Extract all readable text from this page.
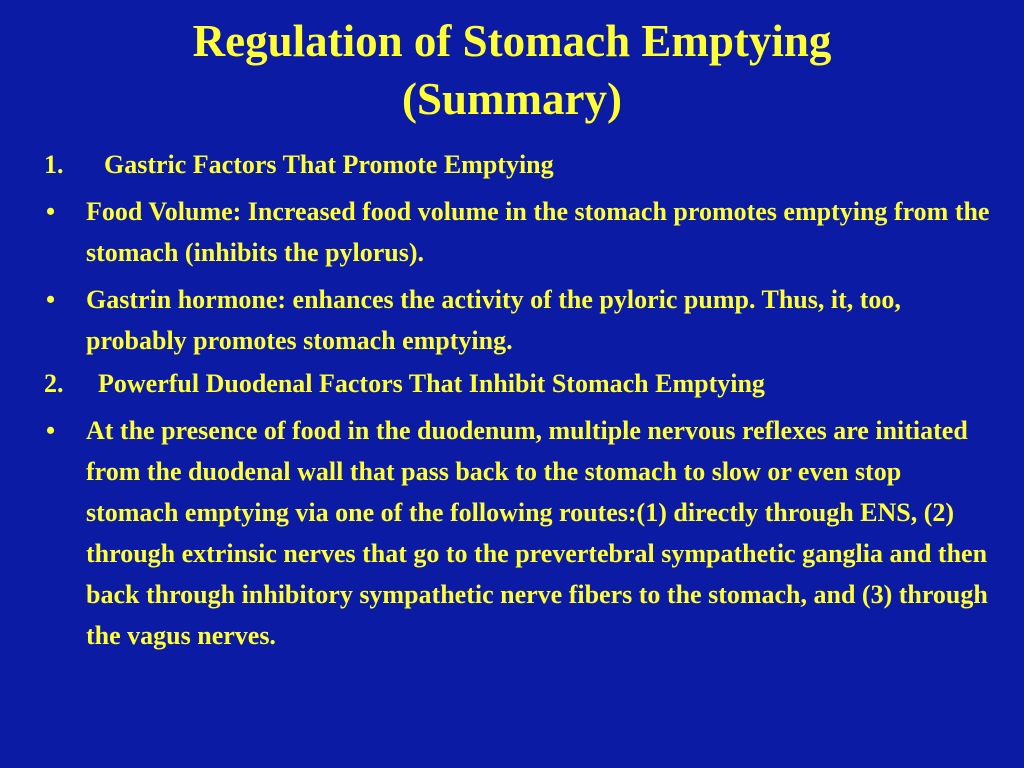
Regulation of Stomach Emptying
(Summary)
1.	Gastric Factors That Promote Emptying
•	Food Volume: Increased food volume in the stomach promotes emptying from the stomach (inhibits the pylorus).
•	Gastrin hormone: enhances the activity of the pyloric pump. Thus, it, too, probably promotes stomach emptying.
2.	Powerful Duodenal Factors That Inhibit Stomach Emptying
•	At the presence of food in the duodenum, multiple nervous reflexes are initiated from the duodenal wall that pass back to the stomach to slow or even stop stomach emptying via one of the following routes:(1) directly through ENS, (2) through extrinsic nerves that go to the prevertebral sympathetic ganglia and then back through inhibitory sympathetic nerve fibers to the stomach, and (3) through the vagus nerves.
